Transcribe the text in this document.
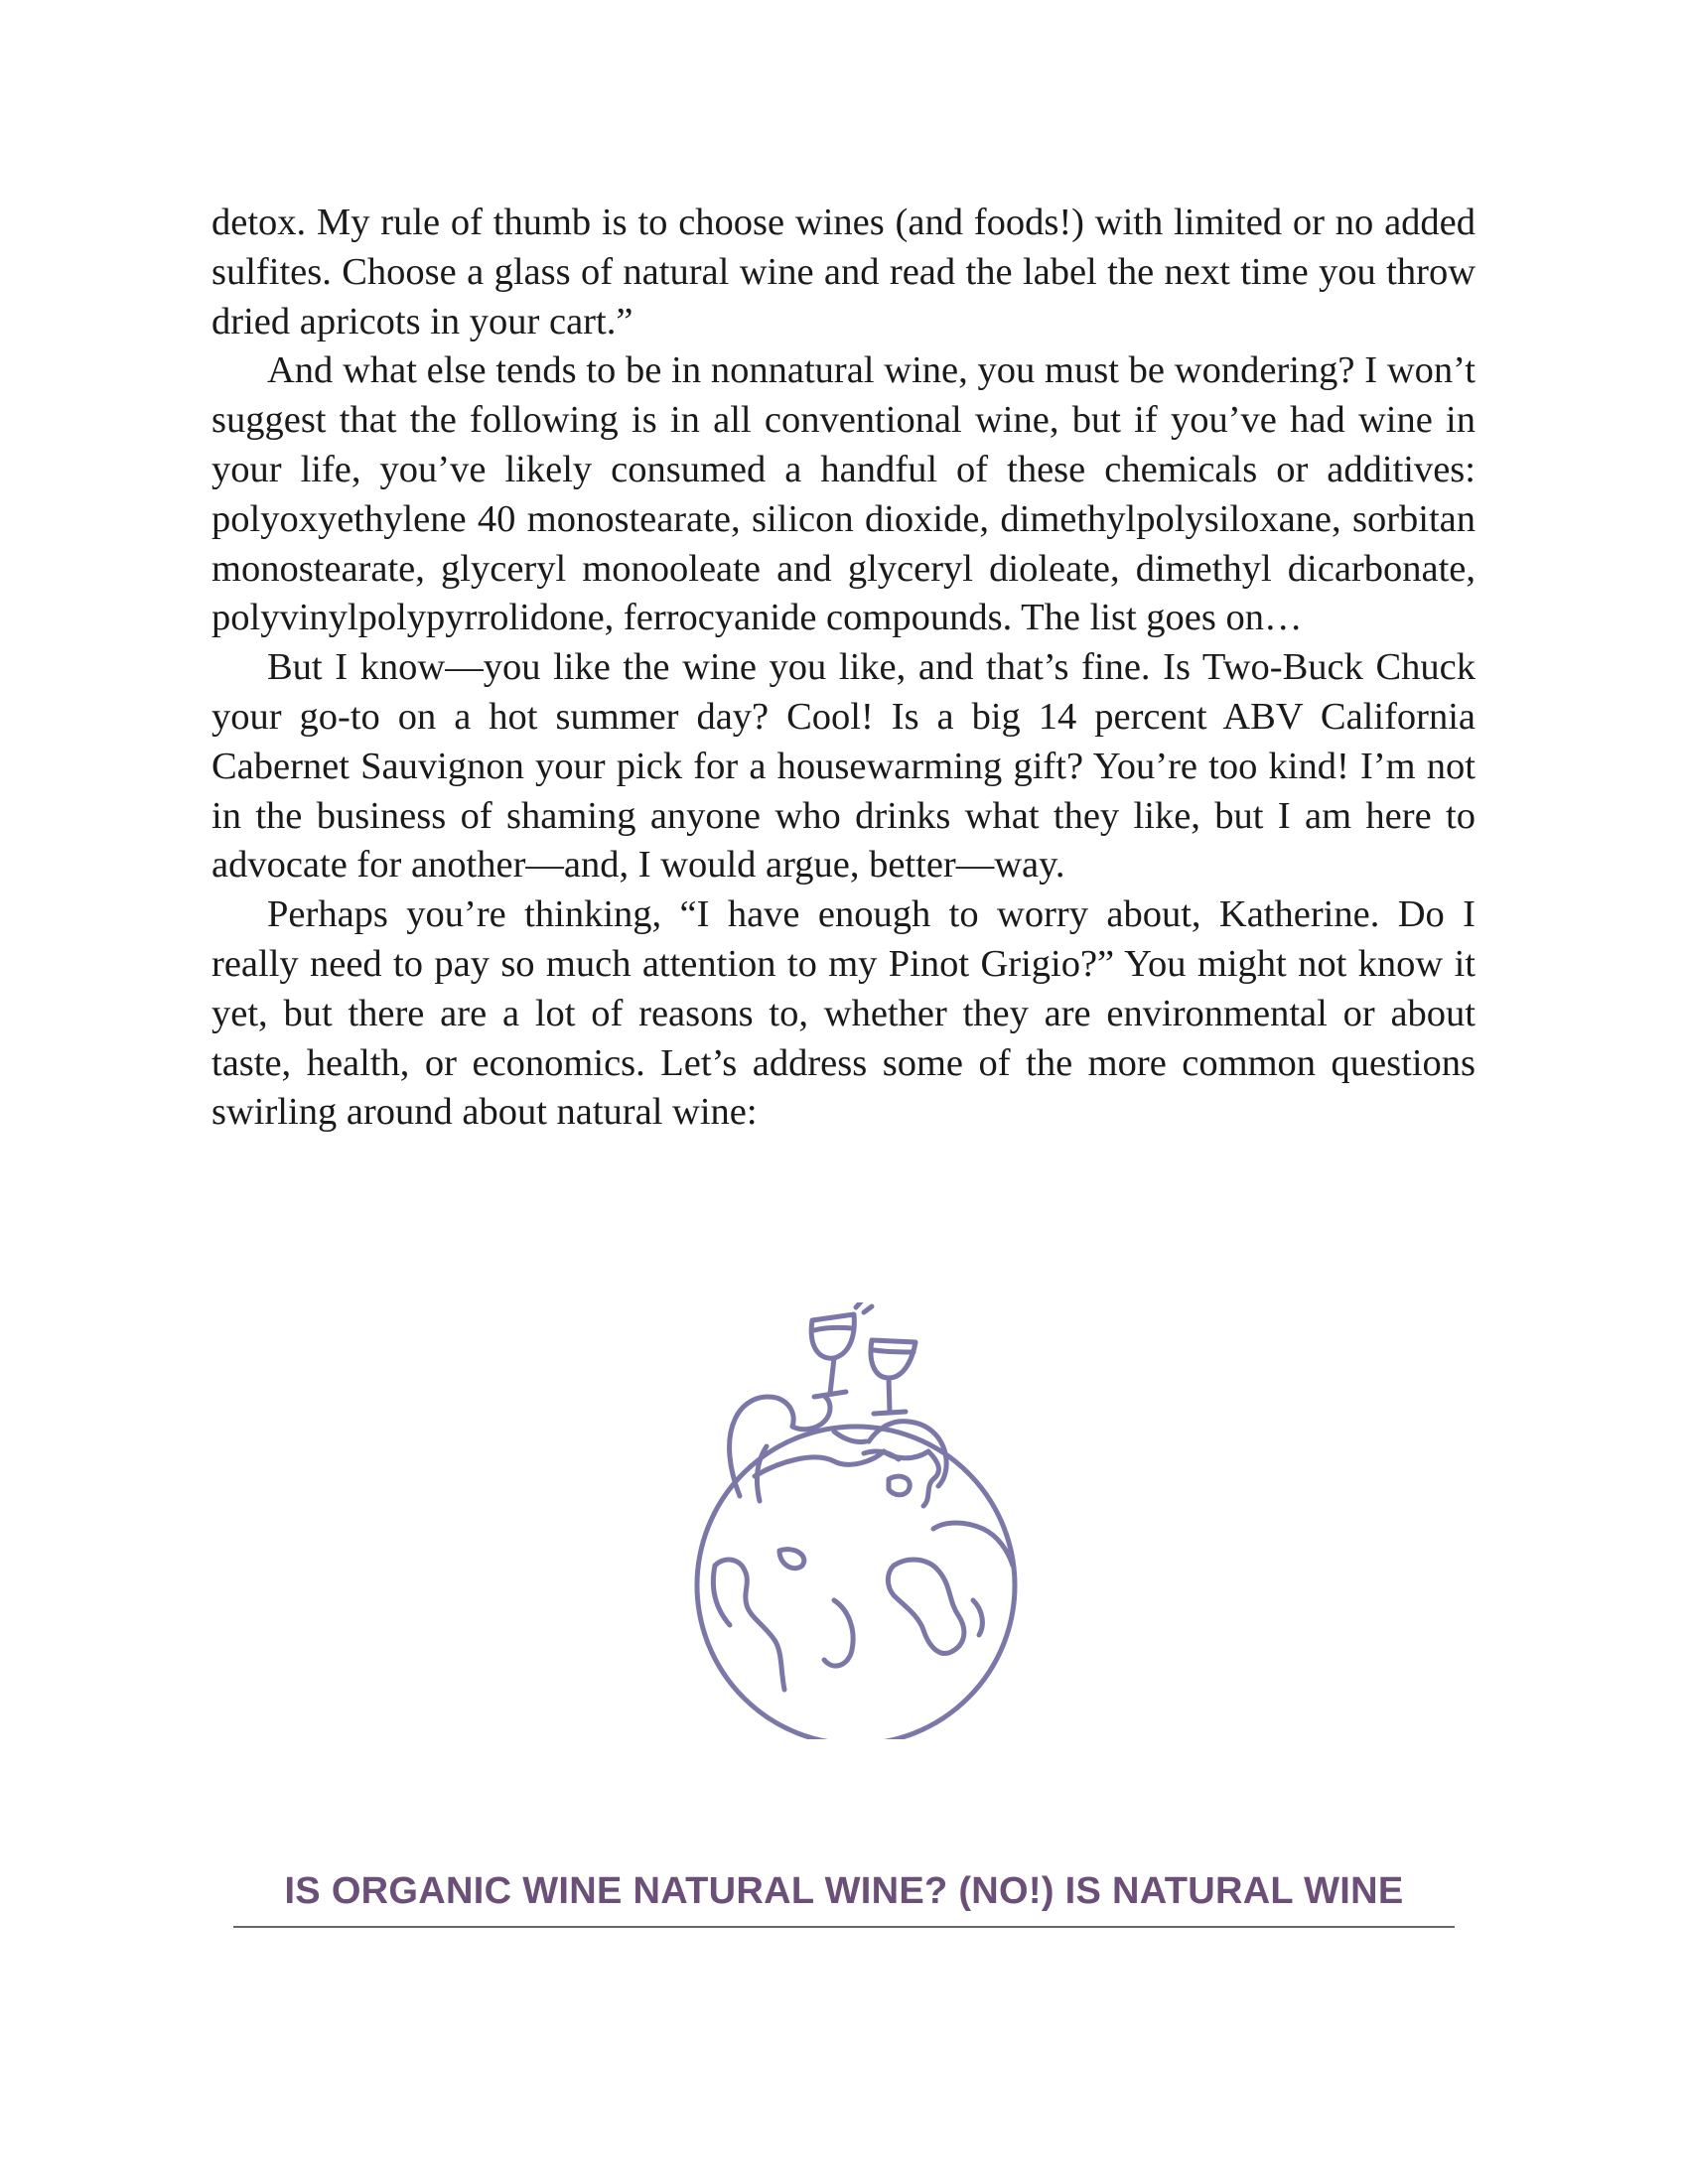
detox. My rule of thumb is to choose wines (and foods!) with limited or no added sulfites. Choose a glass of natural wine and read the label the next time you throw dried apricots in your cart.”

And what else tends to be in nonnatural wine, you must be wondering? I won’t suggest that the following is in all conventional wine, but if you’ve had wine in your life, you’ve likely consumed a handful of these chemicals or additives: polyoxyethylene 40 monostearate, silicon dioxide, dimethylpolysiloxane, sorbitan monostearate, glyceryl monooleate and glyceryl dioleate, dimethyl dicarbonate, polyvinylpolypyrrolidone, ferrocyanide compounds. The list goes on…

But I know—you like the wine you like, and that’s fine. Is Two-Buck Chuck your go-to on a hot summer day? Cool! Is a big 14 percent ABV California Cabernet Sauvignon your pick for a housewarming gift? You’re too kind! I’m not in the business of shaming anyone who drinks what they like, but I am here to advocate for another—and, I would argue, better—way.

Perhaps you’re thinking, “I have enough to worry about, Katherine. Do I really need to pay so much attention to my Pinot Grigio?” You might not know it yet, but there are a lot of reasons to, whether they are environmental or about taste, health, or economics. Let’s address some of the more common questions swirling around about natural wine:

IS ORGANIC WINE NATURAL WINE? (NO!) IS NATURAL WINE
